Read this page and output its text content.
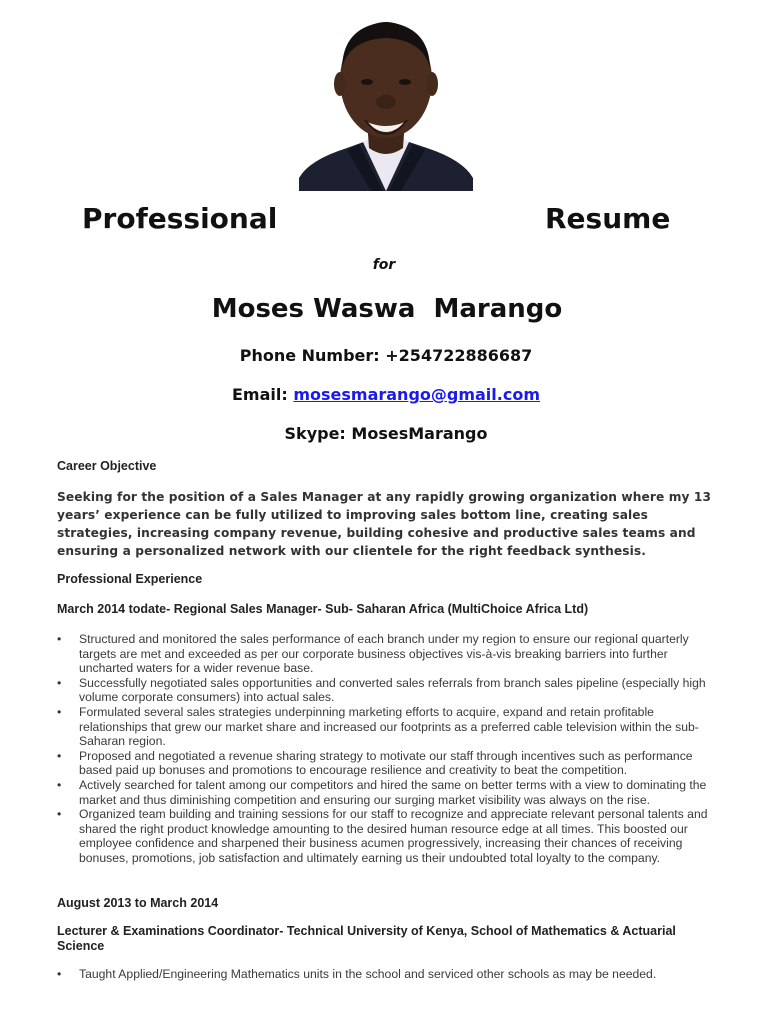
Professional	Resume
for
Moses Waswa  Marango
Phone Number: +254722886687
Email: mosesmarango@gmail.com
Skype: MosesMarango
Career Objective
Seeking for the position of a Sales Manager at any rapidly growing organization where my 13 years’ experience can be fully utilized to improving sales bottom line, creating sales strategies, increasing company revenue, building cohesive and productive sales teams and ensuring a personalized network with our clientele for the right feedback synthesis.
Professional Experience
March 2014 todate- Regional Sales Manager- Sub- Saharan Africa (MultiChoice Africa Ltd)
• Structured and monitored the sales performance of each branch under my region to ensure our regional quarterly targets are met and exceeded as per our corporate business objectives vis-à-vis breaking barriers into further uncharted waters for a wider revenue base.
• Successfully negotiated sales opportunities and converted sales referrals from branch sales pipeline (especially high volume corporate consumers) into actual sales.
• Formulated several sales strategies underpinning marketing efforts to acquire, expand and retain profitable relationships that grew our market share and increased our footprints as a preferred cable television within the sub-Saharan region.
• Proposed and negotiated a revenue sharing strategy to motivate our staff through incentives such as performance based paid up bonuses and promotions to encourage resilience and creativity to beat the competition.
• Actively searched for talent among our competitors and hired the same on better terms with a view to dominating the market and thus diminishing competition and ensuring our surging market visibility was always on the rise.
• Organized team building and training sessions for our staff to recognize and appreciate relevant personal talents and shared the right product knowledge amounting to the desired human resource edge at all times. This boosted our employee confidence and sharpened their business acumen progressively, increasing their chances of receiving bonuses, promotions, job satisfaction and ultimately earning us their undoubted total loyalty to the company.
August 2013 to March 2014
Lecturer & Examinations Coordinator- Technical University of Kenya, School of Mathematics & Actuarial Science
• Taught Applied/Engineering Mathematics units in the school and serviced other schools as may be needed.
